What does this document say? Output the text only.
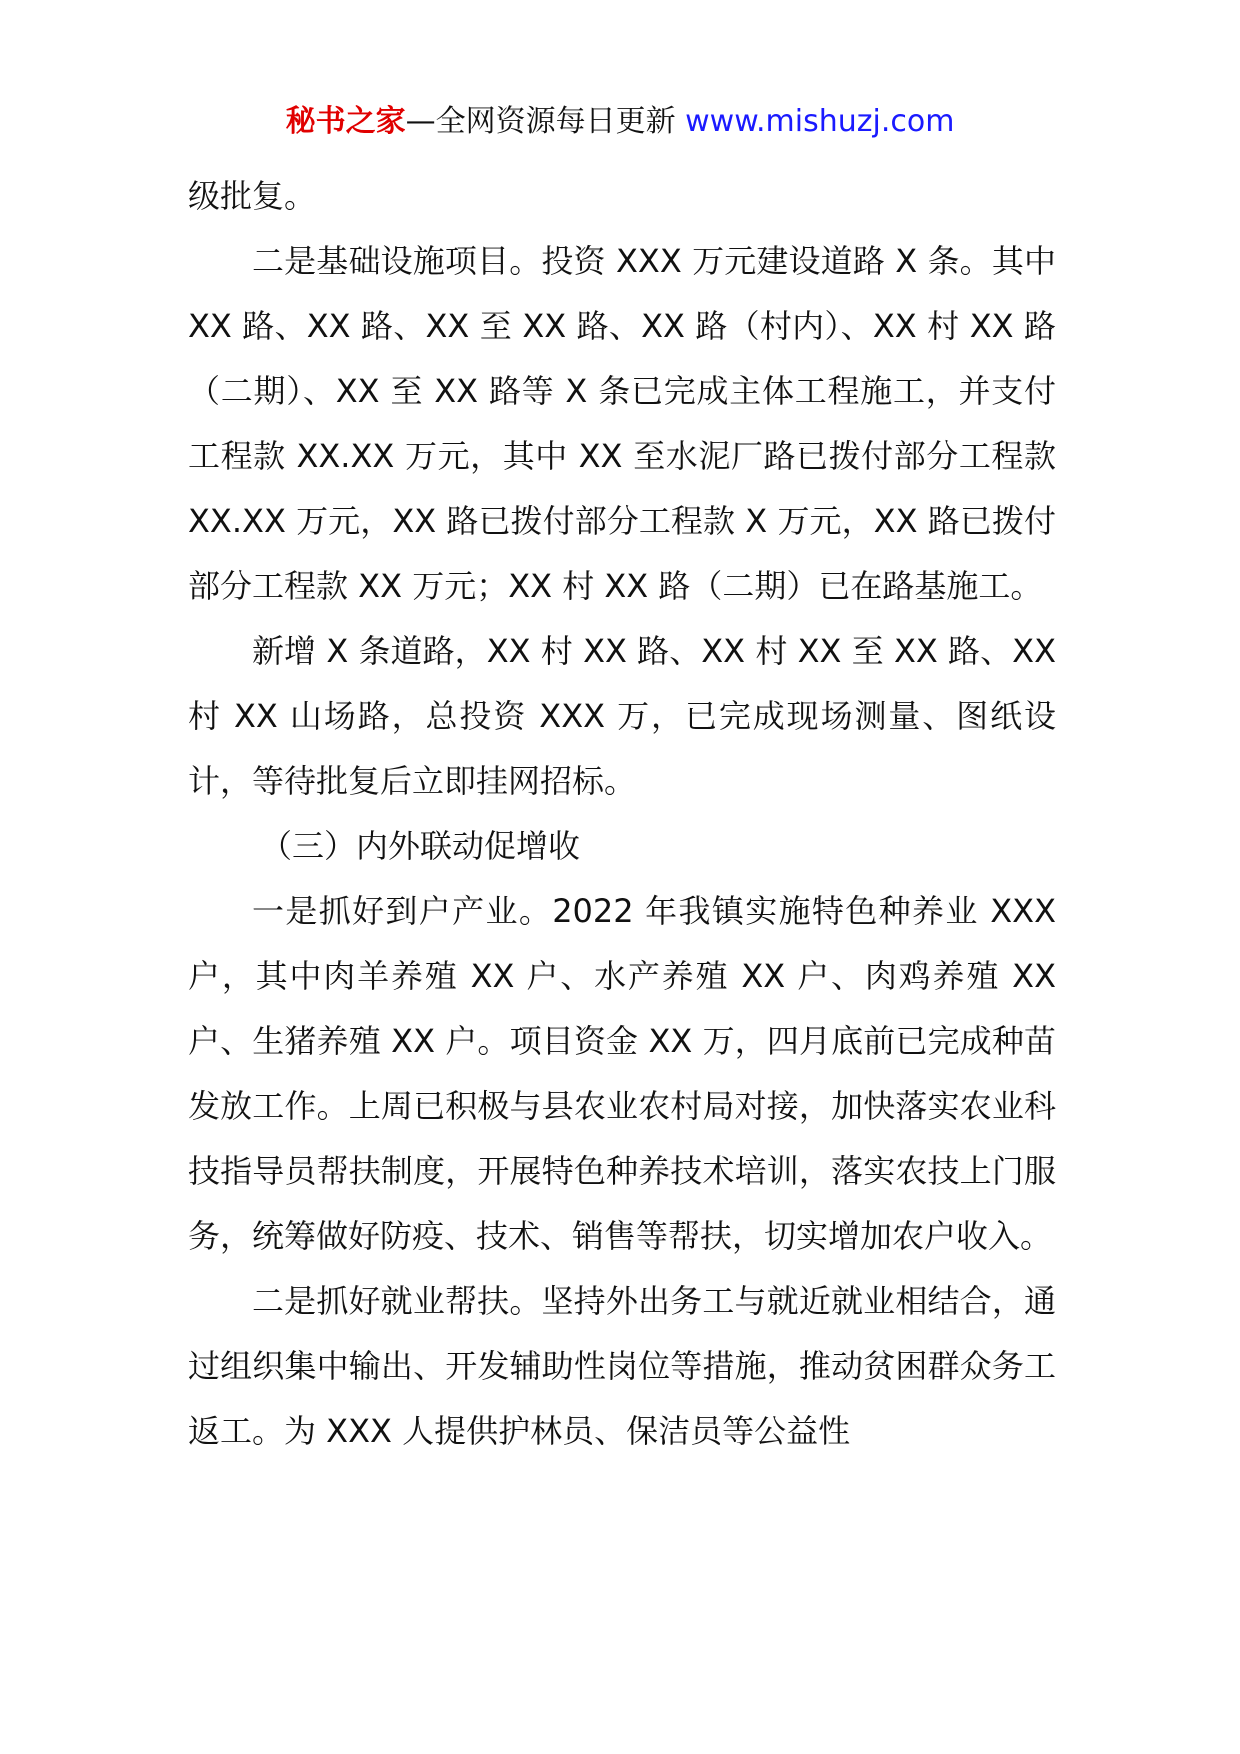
秘书之家—全网资源每日更新 www.mishuzj.com

级批复。

二是基础设施项目。投资 XXX 万元建设道路 X 条。其中 XX 路、XX 路、XX 至 XX 路、XX 路（村内）、XX 村 XX 路（二期）、XX 至 XX 路等 X 条已完成主体工程施工，并支付工程款 XX.XX 万元，其中 XX 至水泥厂路已拨付部分工程款 XX.XX 万元，XX 路已拨付部分工程款 X 万元，XX 路已拨付部分工程款 XX 万元；XX 村 XX 路（二期）已在路基施工。

新增 X 条道路，XX 村 XX 路、XX 村 XX 至 XX 路、XX 村 XX 山场路，总投资 XXX 万，已完成现场测量、图纸设计，等待批复后立即挂网招标。

（三）内外联动促增收

一是抓好到户产业。2022 年我镇实施特色种养业 XXX 户，其中肉羊养殖 XX 户、水产养殖 XX 户、肉鸡养殖 XX 户、生猪养殖 XX 户。项目资金 XX 万，四月底前已完成种苗发放工作。上周已积极与县农业农村局对接，加快落实农业科技指导员帮扶制度，开展特色种养技术培训，落实农技上门服务，统筹做好防疫、技术、销售等帮扶，切实增加农户收入。

二是抓好就业帮扶。坚持外出务工与就近就业相结合，通过组织集中输出、开发辅助性岗位等措施，推动贫困群众务工返工。为 XXX 人提供护林员、保洁员等公益性
